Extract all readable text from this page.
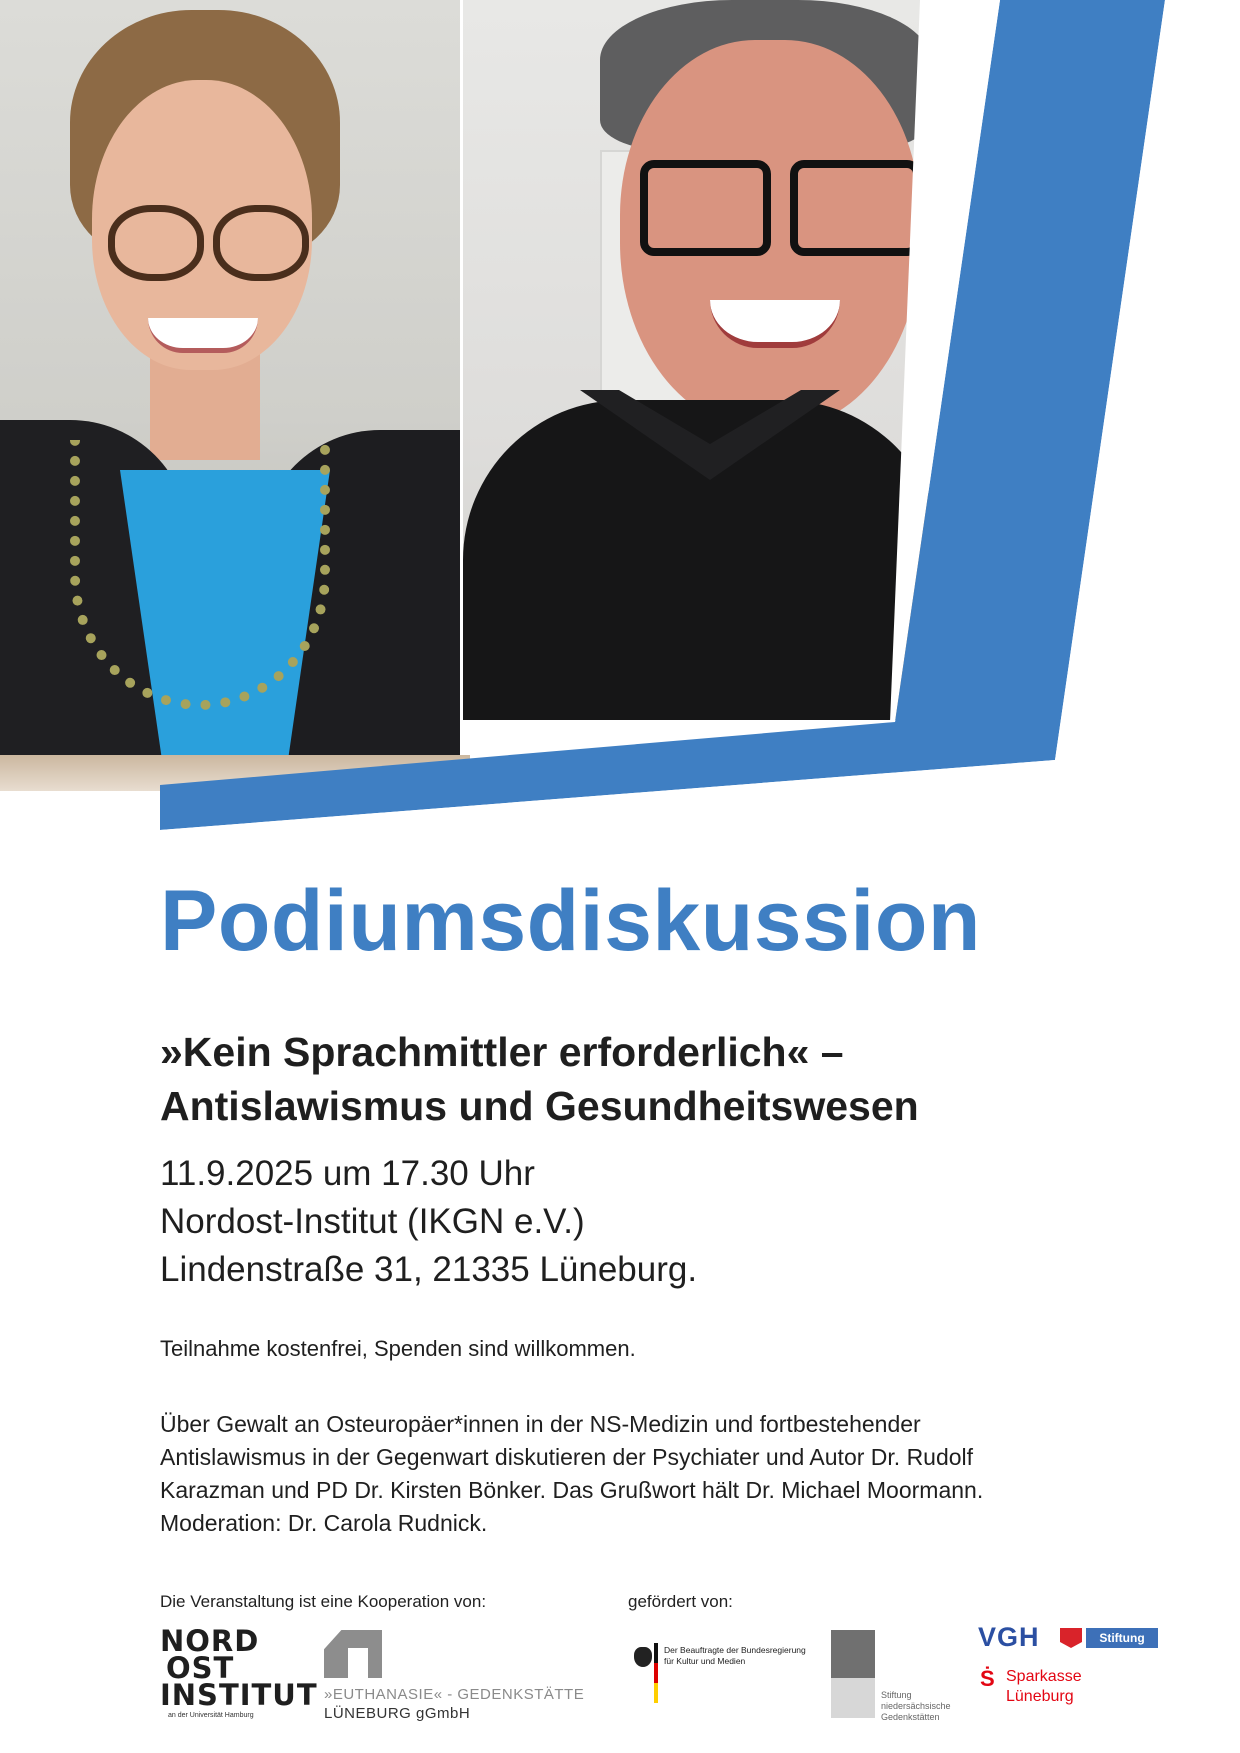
Podiumsdiskussion
»Kein Sprachmittler erforderlich« –
Antislawismus und Gesundheitswesen
11.9.2025 um 17.30 Uhr
Nordost-Institut (IKGN e.V.)
Lindenstraße 31, 21335 Lüneburg.
Teilnahme kostenfrei, Spenden sind willkommen.
Über Gewalt an Osteuropäer*innen in der NS-Medizin und fortbestehender
Antislawismus in der Gegenwart diskutieren der Psychiater und Autor Dr. Rudolf
Karazman und PD Dr. Kirsten Bönker. Das Grußwort hält Dr. Michael Moormann.
Moderation: Dr. Carola Rudnick.
Die Veranstaltung ist eine Kooperation von:	gefördert von:
NORD
OST
INSTITUT
an der Universität Hamburg
»EUTHANASIE« - GEDENKSTÄTTE
LÜNEBURG gGmbH
Der Beauftragte der Bundesregierung
für Kultur und Medien
Stiftung
niedersächsische
Gedenkstätten
VGH	Stiftung
Ṡ Sparkasse
Lüneburg
